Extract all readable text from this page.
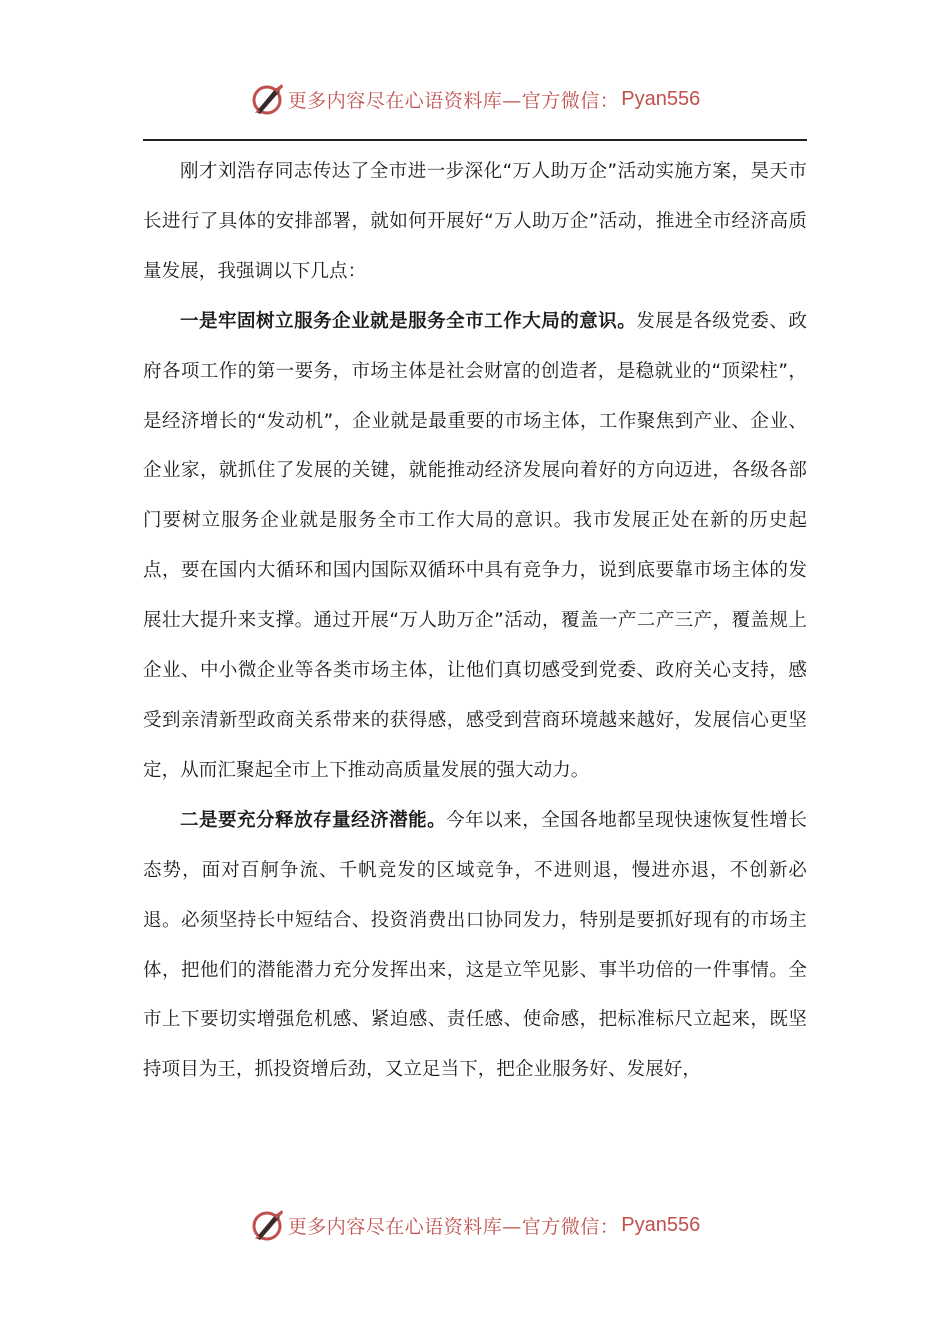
更多内容尽在心语资料库—官方微信： Pyan556

刚才刘浩存同志传达了全市进一步深化“万人助万企”活动实施方案，昊天市长进行了具体的安排部署，就如何开展好“万人助万企”活动，推进全市经济高质量发展，我强调以下几点：

一是牢固树立服务企业就是服务全市工作大局的意识。发展是各级党委、政府各项工作的第一要务，市场主体是社会财富的创造者，是稳就业的“顶梁柱”，是经济增长的“发动机”，企业就是最重要的市场主体，工作聚焦到产业、企业、企业家，就抓住了发展的关键，就能推动经济发展向着好的方向迈进，各级各部门要树立服务企业就是服务全市工作大局的意识。我市发展正处在新的历史起点，要在国内大循环和国内国际双循环中具有竞争力，说到底要靠市场主体的发展壮大提升来支撑。通过开展“万人助万企”活动，覆盖一产二产三产，覆盖规上企业、中小微企业等各类市场主体，让他们真切感受到党委、政府关心支持，感受到亲清新型政商关系带来的获得感，感受到营商环境越来越好，发展信心更坚定，从而汇聚起全市上下推动高质量发展的强大动力。

二是要充分释放存量经济潜能。今年以来，全国各地都呈现快速恢复性增长态势，面对百舸争流、千帆竞发的区域竞争，不进则退，慢进亦退，不创新必退。必须坚持长中短结合、投资消费出口协同发力，特别是要抓好现有的市场主体，把他们的潜能潜力充分发挥出来，这是立竿见影、事半功倍的一件事情。全市上下要切实增强危机感、紧迫感、责任感、使命感，把标准标尺立起来，既坚持项目为王，抓投资增后劲，又立足当下，把企业服务好、发展好，

更多内容尽在心语资料库—官方微信： Pyan556
